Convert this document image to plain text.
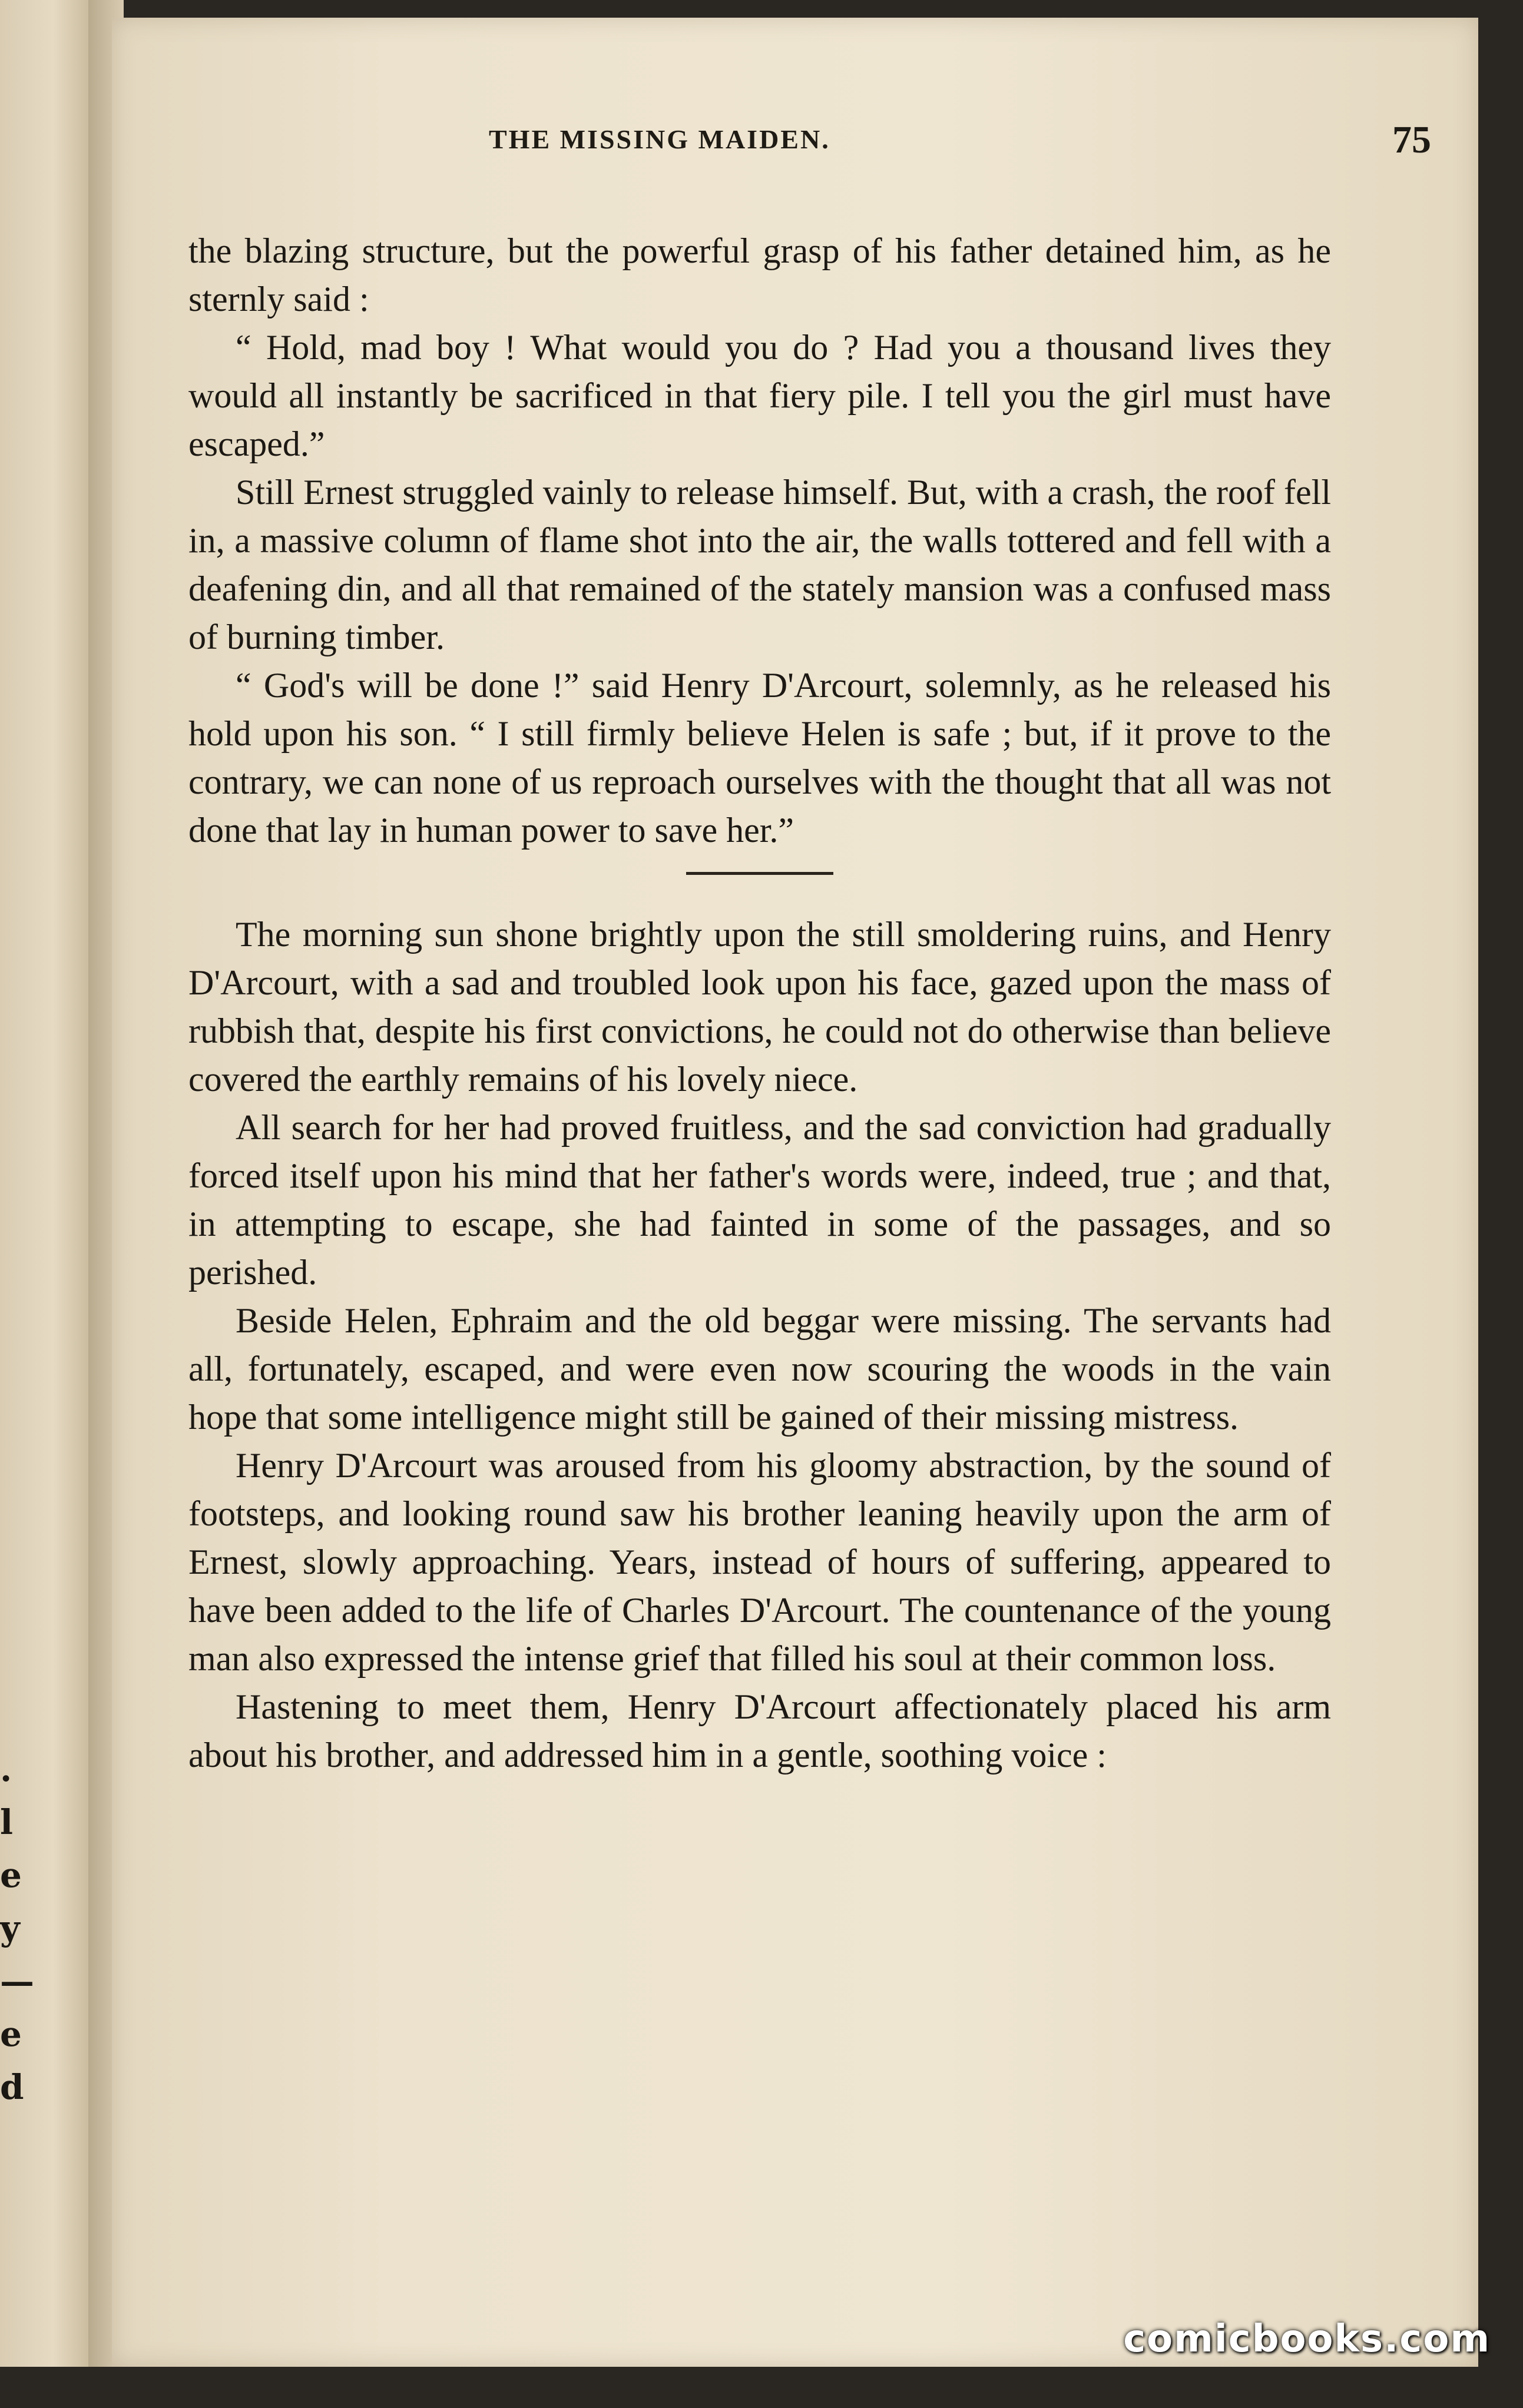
.
l
e
y
—
e
d
THE MISSING MAIDEN.	75

the blazing structure, but the powerful grasp of his father detained him, as he sternly said :

“ Hold, mad boy ! What would you do ? Had you a thousand lives they would all instantly be sacrificed in that fiery pile. I tell you the girl must have escaped.”

Still Ernest struggled vainly to release himself. But, with a crash, the roof fell in, a massive column of flame shot into the air, the walls tottered and fell with a deafening din, and all that remained of the stately mansion was a confused mass of burning timber.

“ God's will be done !” said Henry D'Arcourt, solemnly, as he released his hold upon his son. “ I still firmly believe Helen is safe ; but, if it prove to the contrary, we can none of us reproach ourselves with the thought that all was not done that lay in human power to save her.”

The morning sun shone brightly upon the still smoldering ruins, and Henry D'Arcourt, with a sad and troubled look upon his face, gazed upon the mass of rubbish that, despite his first convictions, he could not do otherwise than believe covered the earthly remains of his lovely niece.

All search for her had proved fruitless, and the sad conviction had gradually forced itself upon his mind that her father's words were, indeed, true ; and that, in attempting to escape, she had fainted in some of the passages, and so perished.

Beside Helen, Ephraim and the old beggar were missing. The servants had all, fortunately, escaped, and were even now scouring the woods in the vain hope that some intelligence might still be gained of their missing mistress.

Henry D'Arcourt was aroused from his gloomy abstraction, by the sound of footsteps, and looking round saw his brother leaning heavily upon the arm of Ernest, slowly approaching. Years, instead of hours of suffering, appeared to have been added to the life of Charles D'Arcourt. The countenance of the young man also expressed the intense grief that filled his soul at their common loss.

Hastening to meet them, Henry D'Arcourt affectionately placed his arm about his brother, and addressed him in a gentle, soothing voice :

comicbooks.com
